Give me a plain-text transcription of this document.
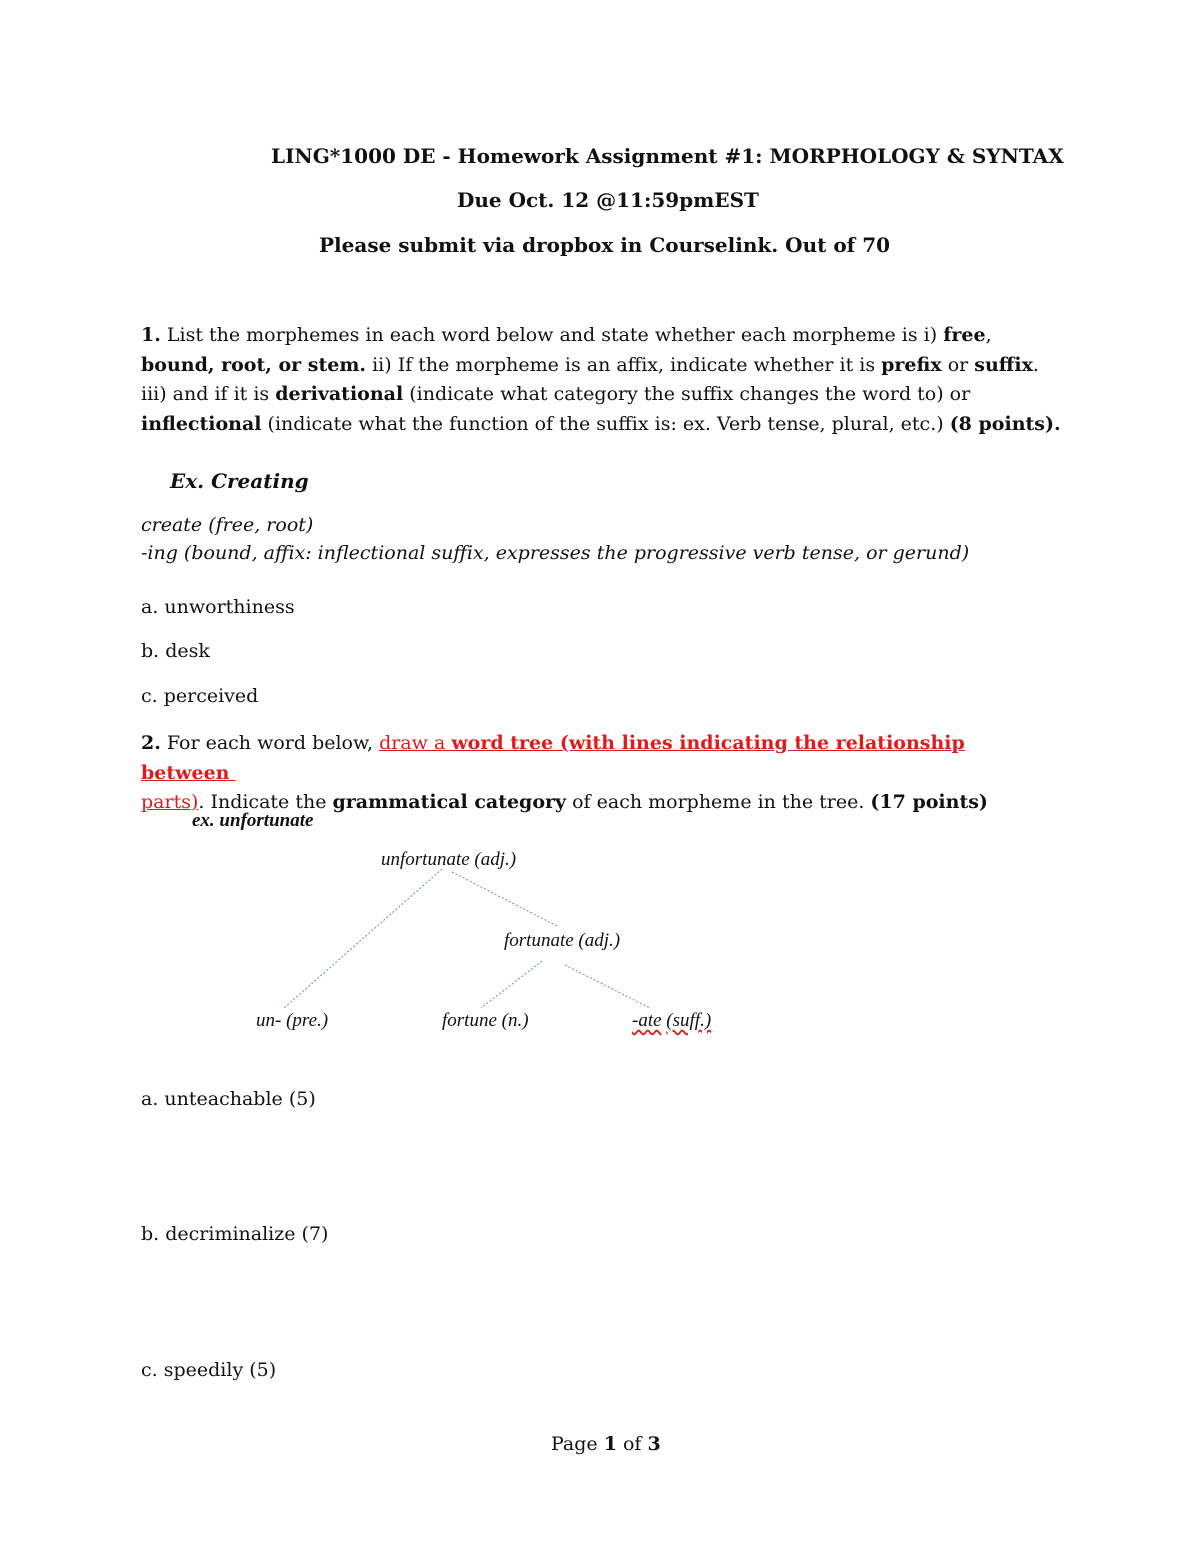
LING*1000 DE - Homework Assignment #1: MORPHOLOGY & SYNTAX
Due Oct. 12 @11:59pmEST
Please submit via dropbox in Courselink. Out of 70
1. List the morphemes in each word below and state whether each morpheme is i) free, bound, root, or stem. ii) If the morpheme is an affix, indicate whether it is prefix or suffix. iii) and if it is derivational (indicate what category the suffix changes the word to) or inflectional (indicate what the function of the suffix is: ex. Verb tense, plural, etc.) (8 points).
Ex. Creating
create (free, root)
-ing (bound, affix: inflectional suffix, expresses the progressive verb tense, or gerund)
a. unworthiness
b. desk
c. perceived
2. For each word below, draw a word tree (with lines indicating the relationship between
parts). Indicate the grammatical category of each morpheme in the tree. (17 points)
ex. unfortunate
unfortunate (adj.)
fortunate (adj.)
un- (pre.)	fortune (n.)	-ate (suff.)
a. unteachable (5)
b. decriminalize (7)
c. speedily (5)
Page 1 of 3
